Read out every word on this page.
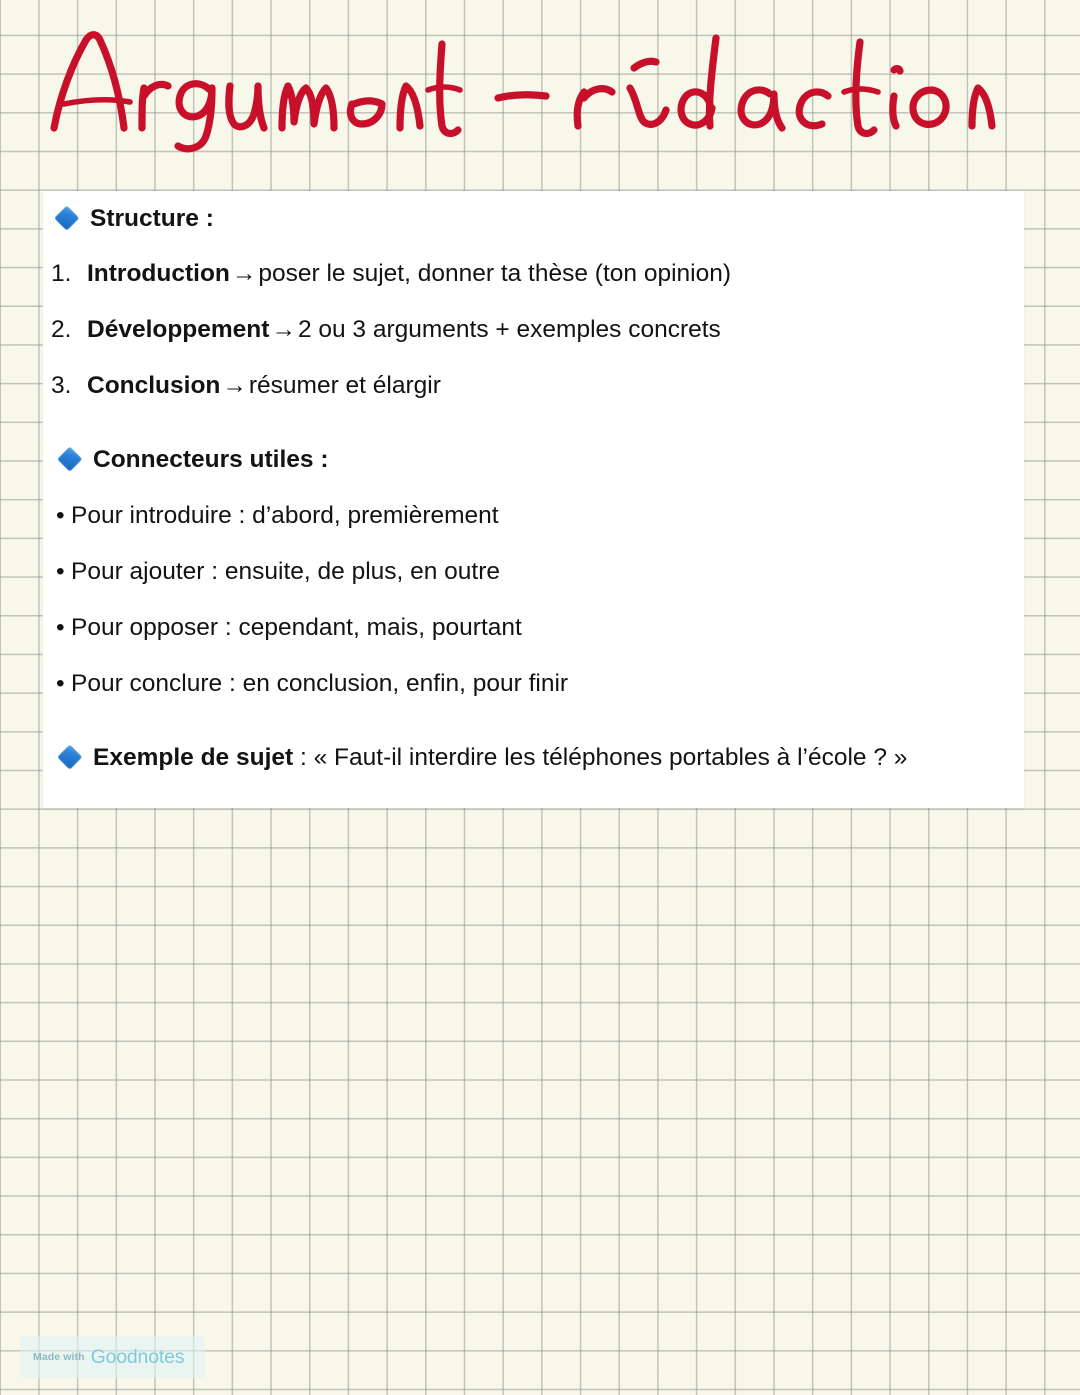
Structure :
1. Introduction → poser le sujet, donner ta thèse (ton opinion)
2. Développement → 2 ou 3 arguments + exemples concrets
3. Conclusion → résumer et élargir
Connecteurs utiles :
• Pour introduire : d’abord, premièrement
• Pour ajouter : ensuite, de plus, en outre
• Pour opposer : cependant, mais, pourtant
• Pour conclure : en conclusion, enfin, pour finir
Exemple de sujet
:
« Faut-il interdire les téléphones portables à l’école ? »
Made with Goodnotes
